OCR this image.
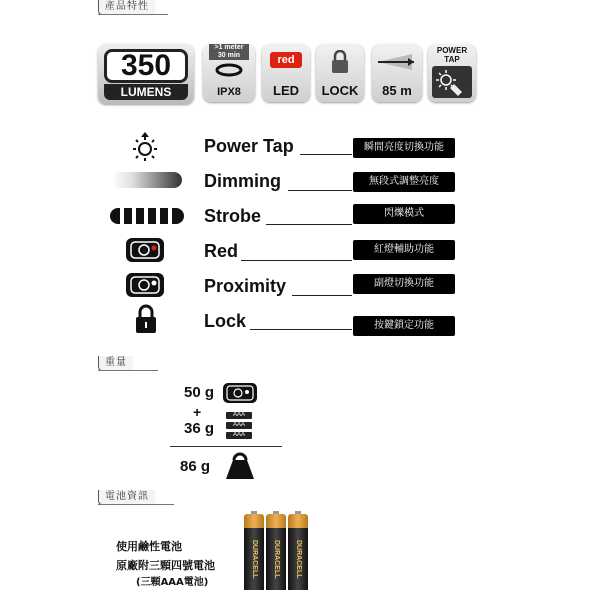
產品特性
350
LUMENS
>1 meter
30 min
IPX8
red
LED	LOCK	85 m
POWER
TAP
Power Tap	瞬間亮度切換功能
Dimming	無段式調整亮度
Strobe	閃爍模式
Red	紅燈輔助功能
Proximity	副燈切換功能
Lock	按鍵鎖定功能
重量
50 g
+
36 g
AAA
AAA
AAA
86 g
電池資訊
使用鹼性電池
原廠附三顆四號電池
(三顆AAA電池)
DURACELL	DURACELL	DURACELL
